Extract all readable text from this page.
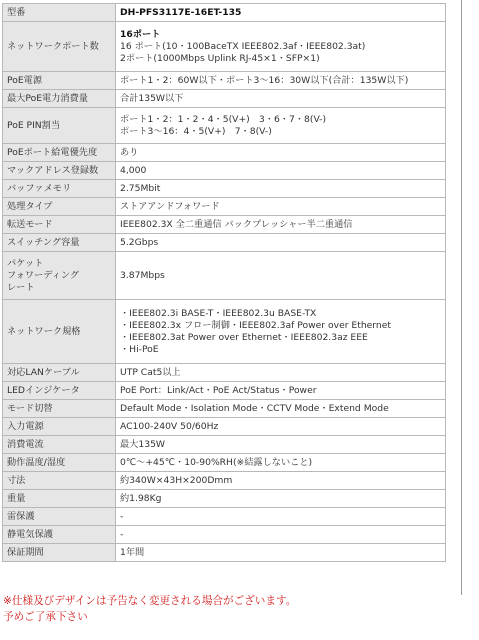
型番	DH-PFS3117E-16ET-135

ネットワークポート数	16ポート
16 ポート(10・100BaceTX IEEE802.3af・IEEE802.3at)
2ポート(1000Mbps Uplink RJ-45×1・SFP×1)

PoE電源	ポート1・2：60W以下・ポート3〜16：30W以下(合計：135W以下)

最大PoE電力消費量	合計135W以下

PoE PIN割当	ポート1・2：1・2・4・5(V+)　3・6・7・8(V-)
ポート3〜16：4・5(V+)　7・8(V-)

PoEポート給電優先度	あり

マックアドレス登録数	4,000

バッファメモリ	2.75Mbit

処理タイプ	ストアアンドフォワード

転送モード	IEEE802.3X 全二重通信 バックプレッシャー半二重通信

スイッチング容量	5.2Gbps

パケット
フォワーディング
レート	3.87Mbps

ネットワーク規格	・IEEE802.3i BASE-T・IEEE802.3u BASE-TX
・IEEE802.3x フロー制御・IEEE802.3af Power over Ethernet
・IEEE802.3at Power over Ethernet・IEEE802.3az EEE
・Hi-PoE

対応LANケーブル	UTP Cat5以上

LEDインジケータ	PoE Port：Link/Act・PoE Act/Status・Power

モード切替	Default Mode・Isolation Mode・CCTV Mode・Extend Mode

入力電源	AC100-240V 50/60Hz

消費電流	最大135W

動作温度/湿度	0℃〜+45℃・10-90%RH(※結露しないこと)

寸法	約340W×43H×200Dmm

重量	約1.98Kg

雷保護	-

静電気保護	-

保証期間	1年間
※仕様及びデザインは予告なく変更される場合がございます。
予めご了承下さい
